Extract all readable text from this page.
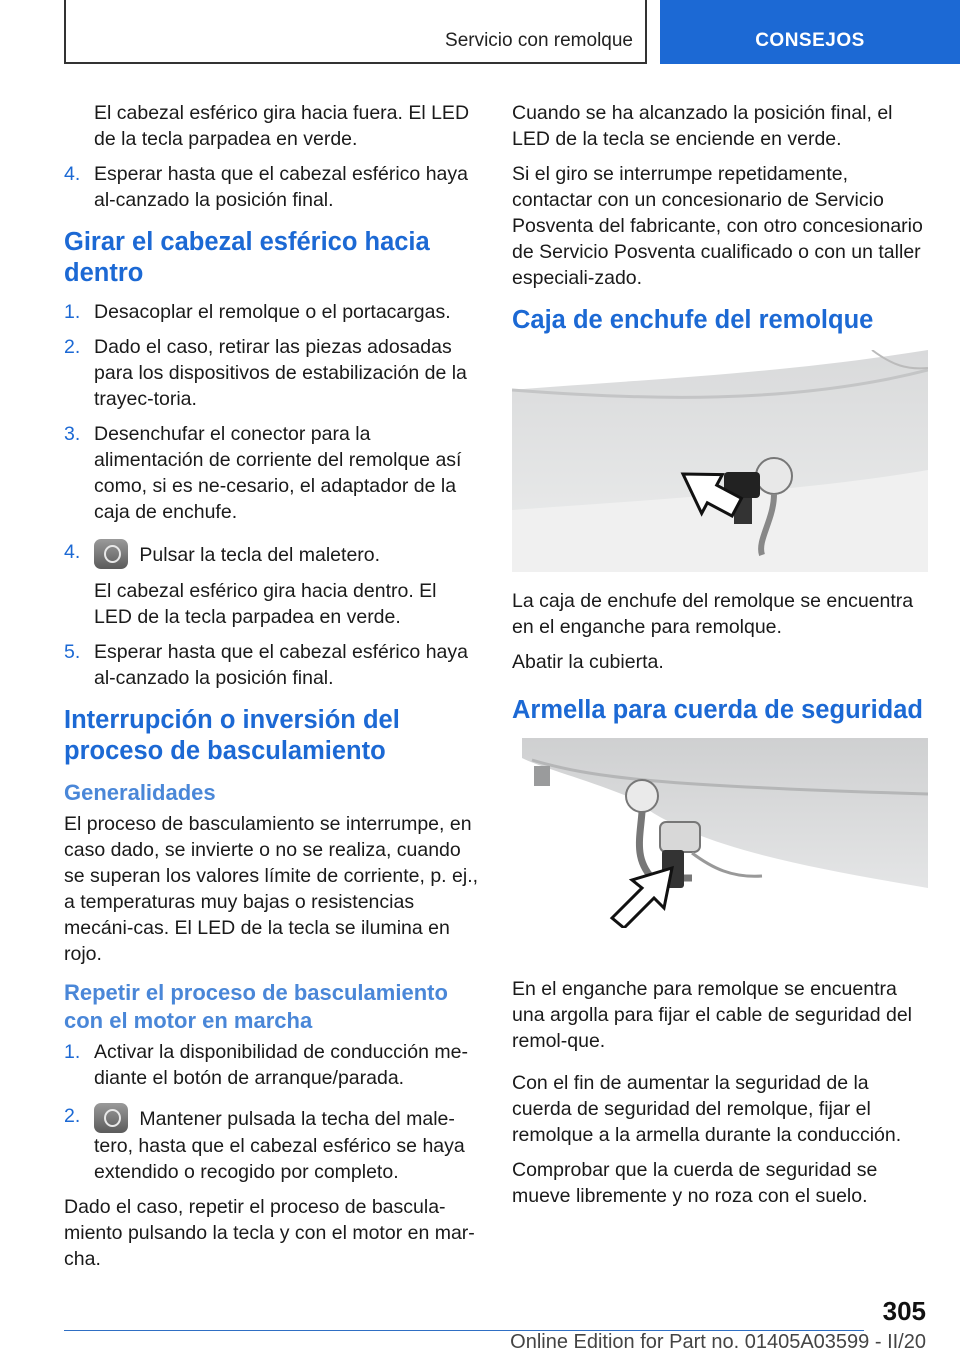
Servicio con remolque	CONSEJOS

El cabezal esférico gira hacia fuera. El LED de la tecla parpadea en verde.

4. Esperar hasta que el cabezal esférico haya al‐canzado la posición final.
Girar el cabezal esférico hacia dentro
1. Desacoplar el remolque o el portacargas.
2. Dado el caso, retirar las piezas adosadas para los dispositivos de estabilización de la trayec‐toria.
3. Desenchufar el conector para la alimentación de corriente del remolque así como, si es ne‐cesario, el adaptador de la caja de enchufe.
4.	Pulsar la tecla del maletero.

El cabezal esférico gira hacia dentro. El LED de la tecla parpadea en verde.

5. Esperar hasta que el cabezal esférico haya al‐canzado la posición final.
Interrupción o inversión del proceso de basculamiento
Generalidades

El proceso de basculamiento se interrumpe, en caso dado, se invierte o no se realiza, cuando se superan los valores límite de corriente, p. ej., a temperaturas muy bajas o resistencias mecáni‐cas. El LED de la tecla se ilumina en rojo.

Repetir el proceso de basculamiento con el motor en marcha
1. Activar la disponibilidad de conducción me‐diante el botón de arranque/parada.
2.	Mantener pulsada la techa del male‐tero, hasta que el cabezal esférico se haya extendido o recogido por completo.

Dado el caso, repetir el proceso de bascula‐miento pulsando la tecla y con el motor en mar‐cha.

Cuando se ha alcanzado la posición final, el LED de la tecla se enciende en verde.

Si el giro se interrumpe repetidamente, contactar con un concesionario de Servicio Posventa del fabricante, con otro concesionario de Servicio Posventa cualificado o con un taller especiali‐zado.

Caja de enchufe del remolque

La caja de enchufe del remolque se encuentra en el enganche para remolque.

Abatir la cubierta.

Armella para cuerda de seguridad

En el enganche para remolque se encuentra una argolla para fijar el cable de seguridad del remol‐que.

Con el fin de aumentar la seguridad de la cuerda de seguridad del remolque, fijar el remolque a la armella durante la conducción.

Comprobar que la cuerda de seguridad se mueve libremente y no roza con el suelo.

305
Online Edition for Part no. 01405A03599 - II/20
